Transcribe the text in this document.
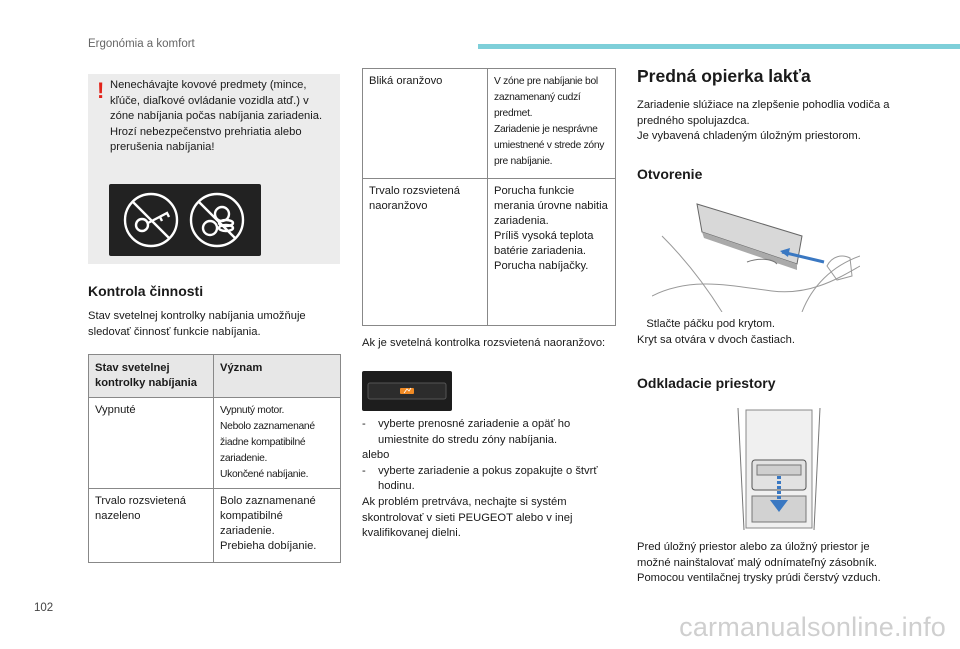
Ergonómia a komfort
! Nenechávajte kovové predmety (mince, kľúče, diaľkové ovládanie vozidla atď.) v zóne nabíjania počas nabíjania zariadenia. Hrozí nebezpečenstvo prehriatia alebo prerušenia nabíjania!
Kontrola činnosti
Stav svetelnej kontrolky nabíjania umožňuje sledovať činnosť funkcie nabíjania.
Stav svetelnej kontrolky nabíjania	Význam
Vypnuté	Vypnutý motor.
Nebolo zaznamenané žiadne kompatibilné zariadenie.
Ukončené nabíjanie.
Trvalo rozsvietená nazeleno	Bolo zaznamenané kompatibilné zariadenie.
Prebieha dobíjanie.
Bliká oranžovo	V zóne pre nabíjanie bol zaznamenaný cudzí predmet.
Zariadenie je nesprávne umiestnené v strede zóny pre nabíjanie.
Trvalo rozsvietená naoranžovo	Porucha funkcie merania úrovne nabitia zariadenia.
Príliš vysoká teplota batérie zariadenia.
Porucha nabíjačky.
Ak je svetelná kontrolka rozsvietená naoranžovo:
-    vyberte prenosné zariadenie a opäť ho umiestnite do stredu zóny nabíjania.
alebo
-    vyberte zariadenie a pokus zopakujte o štvrť hodinu.
Ak problém pretrváva, nechajte si systém skontrolovať v sieti PEUGEOT alebo v inej kvalifikovanej dielni.
Predná opierka lakťa
Zariadenie slúžiace na zlepšenie pohodlia vodiča a predného spolujazdca.
Je vybavená chladeným úložným priestorom.
Otvorenie
Stlačte páčku pod krytom.
Kryt sa otvára v dvoch častiach.
Odkladacie priestory
Pred úložný priestor alebo za úložný priestor je možné nainštalovať malý odnímateľný zásobník.
Pomocou ventilačnej trysky prúdi čerstvý vzduch.
102
carmanualsonline.info
